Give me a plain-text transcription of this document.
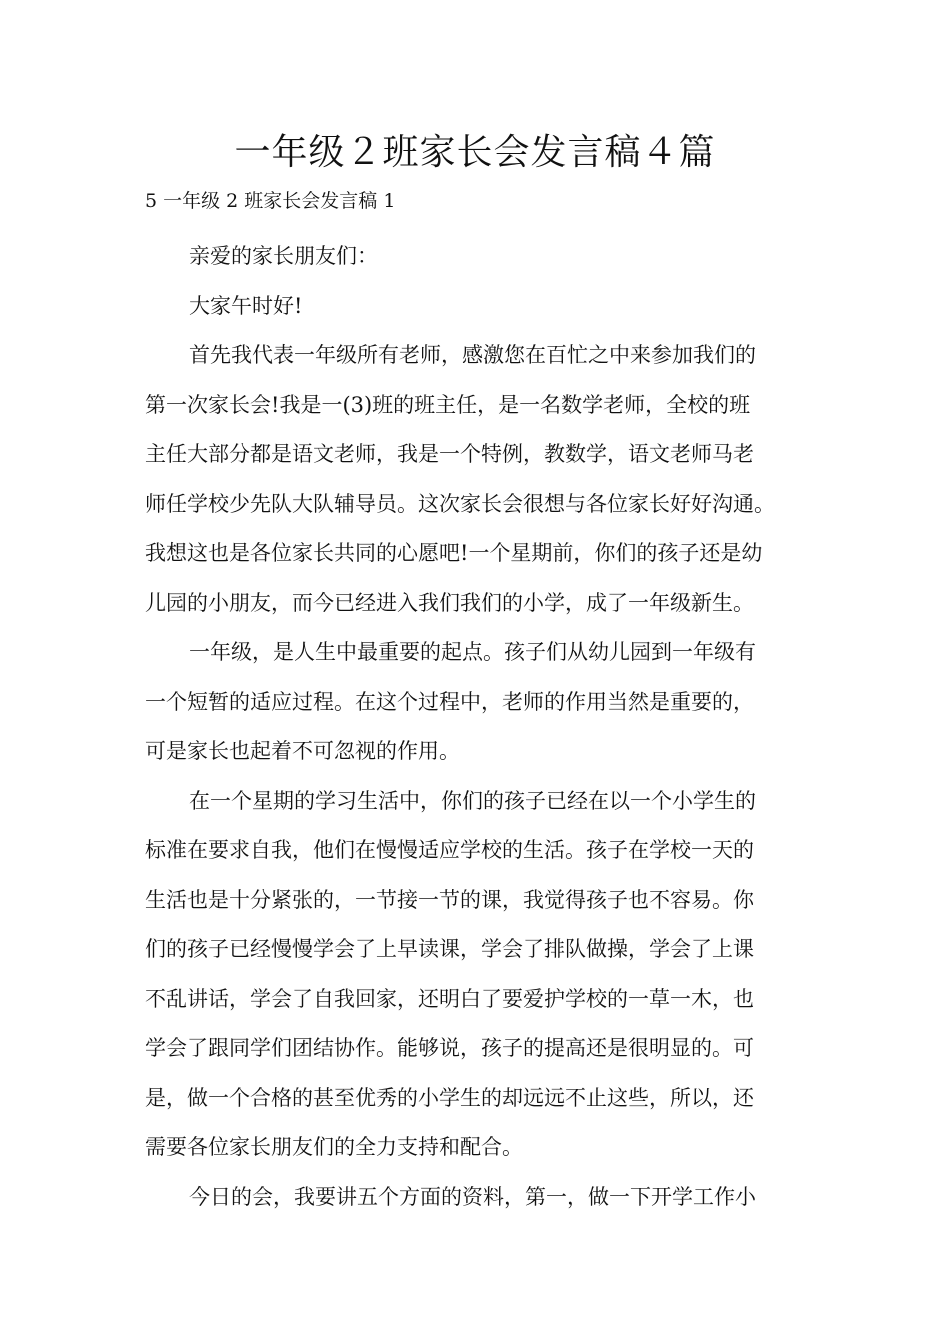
一年级２班家长会发言稿４篇
5 一年级 2 班家长会发言稿 1

亲爱的家长朋友们：

大家午时好!

首先我代表一年级所有老师，感激您在百忙之中来参加我们的
第一次家长会!我是一(3)班的班主任，是一名数学老师，全校的班
主任大部分都是语文老师，我是一个特例，教数学，语文老师马老
师任学校少先队大队辅导员。这次家长会很想与各位家长好好沟通。
我想这也是各位家长共同的心愿吧!一个星期前，你们的孩子还是幼
儿园的小朋友，而今已经进入我们我们的小学，成了一年级新生。

一年级，是人生中最重要的起点。孩子们从幼儿园到一年级有
一个短暂的适应过程。在这个过程中，老师的作用当然是重要的，
可是家长也起着不可忽视的作用。

在一个星期的学习生活中，你们的孩子已经在以一个小学生的
标准在要求自我，他们在慢慢适应学校的生活。孩子在学校一天的
生活也是十分紧张的，一节接一节的课，我觉得孩子也不容易。你
们的孩子已经慢慢学会了上早读课，学会了排队做操，学会了上课
不乱讲话，学会了自我回家，还明白了要爱护学校的一草一木，也
学会了跟同学们团结协作。能够说，孩子的提高还是很明显的。可
是，做一个合格的甚至优秀的小学生的却远远不止这些，所以，还
需要各位家长朋友们的全力支持和配合。

今日的会，我要讲五个方面的资料，第一，做一下开学工作小
